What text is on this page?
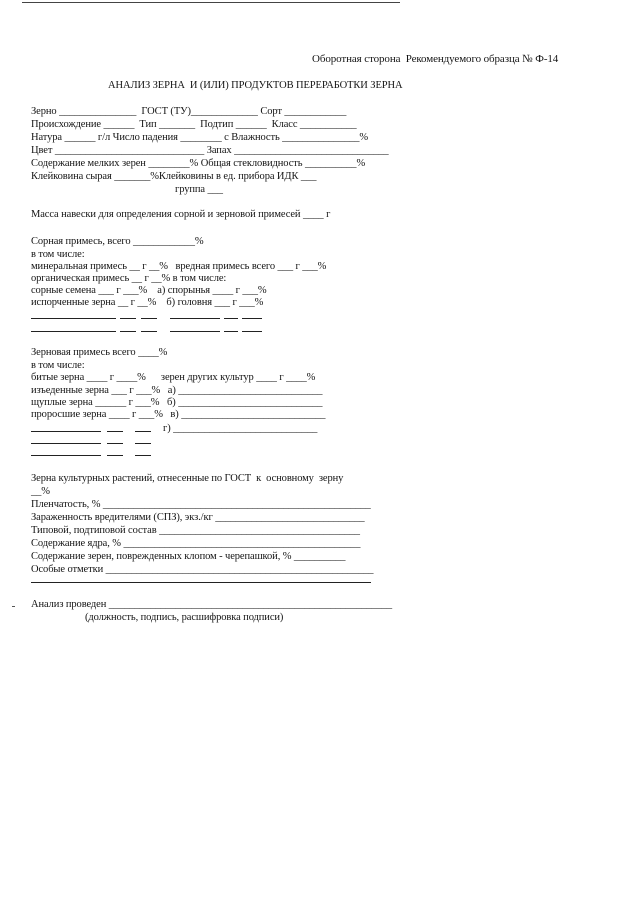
Оборотная сторона  Рекомендуемого образца № Ф-14
АНАЛИЗ ЗЕРНА  И (ИЛИ) ПРОДУКТОВ ПЕРЕРАБОТКИ ЗЕРНА
Зерно _______________  ГОСТ (ТУ)_____________ Сорт ____________
Происхождение ______  Тип _______  Подтип ______  Класс ___________
Натура ______ г/л Число падения ________ с Влажность _______________%
Цвет _____________________________ Запах ______________________________
Содержание мелких зерен ________% Общая стекловидность __________%
Клейковина сырая _______%Клейковины в ед. прибора ИДК ___
группа ___
Масса навески для определения сорной и зерновой примесей ____ г
Сорная примесь, всего ____________%
в том числе:
минеральная примесь __ г __%   вредная примесь всего ___ г ___%
органическая примесь __ г __% в том числе:
сорные семена ___ г ___%    а) спорынья ____ г ___%
испорченные зерна __ г __%    б) головня ___ г ___%
Зерновая примесь всего ____%
в том числе:
битые зерна ____ г ____%      зерен других культур ____ г ____%
изъеденные зерна ___ г ___%   а) ____________________________
щуплые зерна ______ г ___%   б) ____________________________
проросшие зерна ____ г ___%   в) ____________________________
г) ____________________________
Зерна культурных растений, отнесенные по ГОСТ  к  основному  зерну
__%
Пленчатость, % ____________________________________________________
Зараженность вредителями (СПЗ), экз./кг _____________________________
Типовой, подтиповой состав _______________________________________
Содержание ядра, % ______________________________________________
Содержание зерен, поврежденных клопом - черепашкой, % __________
Особые отметки ____________________________________________________
Анализ проведен _______________________________________________________
(должность, подпись, расшифровка подписи)
